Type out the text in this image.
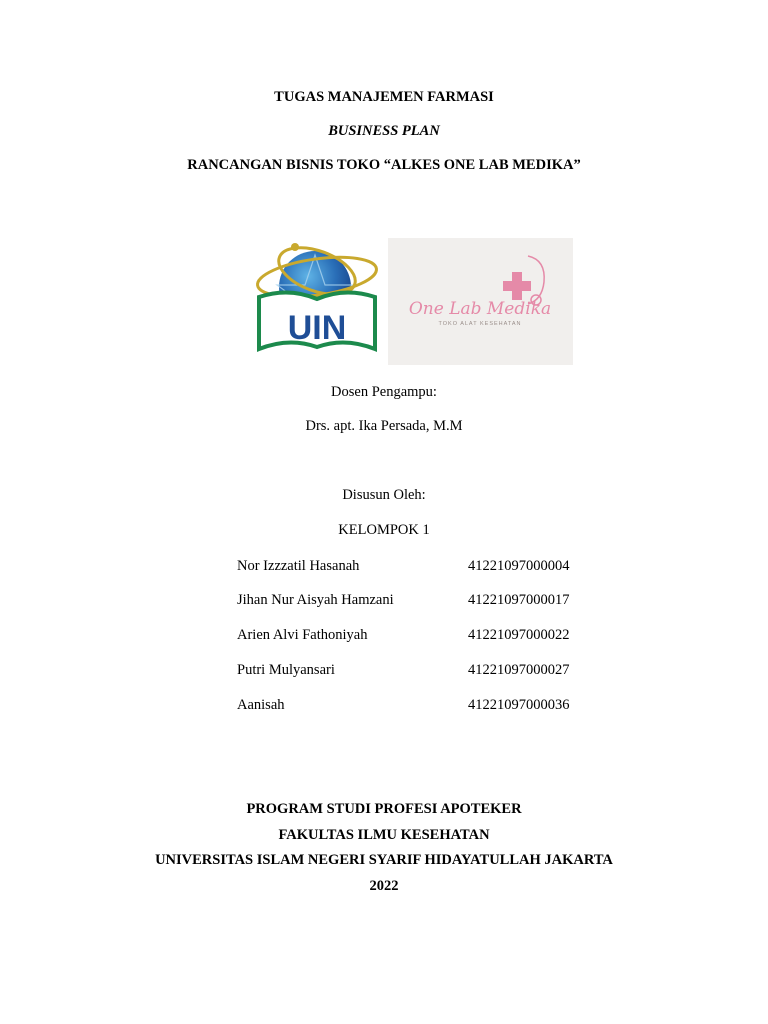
TUGAS MANAJEMEN FARMASI
BUSINESS PLAN
RANCANGAN BISNIS TOKO “ALKES ONE LAB MEDIKA”
UIN	One Lab Medika
TOKO ALAT KESEHATAN
Dosen Pengampu:
Drs. apt. Ika Persada, M.M
Disusun Oleh:
KELOMPOK 1
Nor Izzzatil Hasanah	41221097000004
Jihan Nur Aisyah Hamzani	41221097000017
Arien Alvi Fathoniyah	41221097000022
Putri Mulyansari	41221097000027
Aanisah	41221097000036
PROGRAM STUDI PROFESI APOTEKER
FAKULTAS ILMU KESEHATAN
UNIVERSITAS ISLAM NEGERI SYARIF HIDAYATULLAH JAKARTA
2022
